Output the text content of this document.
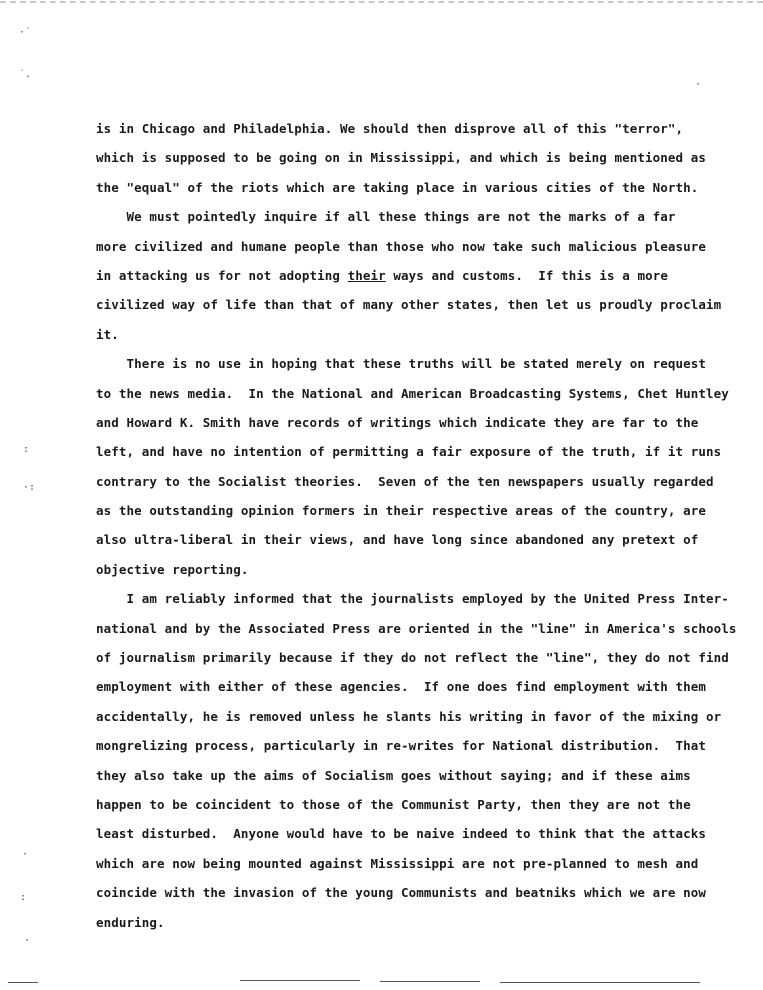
·˙
˙.
·
:
·:
·
:
·
is in Chicago and Philadelphia. We should then disprove all of this "terror",
which is supposed to be going on in Mississippi, and which is being mentioned as
the "equal" of the riots which are taking place in various cities of the North.
We must pointedly inquire if all these things are not the marks of a far
more civilized and humane people than those who now take such malicious pleasure
in attacking us for not adopting their ways and customs.  If this is a more
civilized way of life than that of many other states, then let us proudly proclaim
it.
There is no use in hoping that these truths will be stated merely on request
to the news media.  In the National and American Broadcasting Systems, Chet Huntley
and Howard K. Smith have records of writings which indicate they are far to the
left, and have no intention of permitting a fair exposure of the truth, if it runs
contrary to the Socialist theories.  Seven of the ten newspapers usually regarded
as the outstanding opinion formers in their respective areas of the country, are
also ultra-liberal in their views, and have long since abandoned any pretext of
objective reporting.
I am reliably informed that the journalists employed by the United Press Inter-
national and by the Associated Press are oriented in the "line" in America's schools
of journalism primarily because if they do not reflect the "line", they do not find
employment with either of these agencies.  If one does find employment with them
accidentally, he is removed unless he slants his writing in favor of the mixing or
mongrelizing process, particularly in re-writes for National distribution.  That
they also take up the aims of Socialism goes without saying; and if these aims
happen to be coincident to those of the Communist Party, then they are not the
least disturbed.  Anyone would have to be naive indeed to think that the attacks
which are now being mounted against Mississippi are not pre-planned to mesh and
coincide with the invasion of the young Communists and beatniks which we are now
enduring.
